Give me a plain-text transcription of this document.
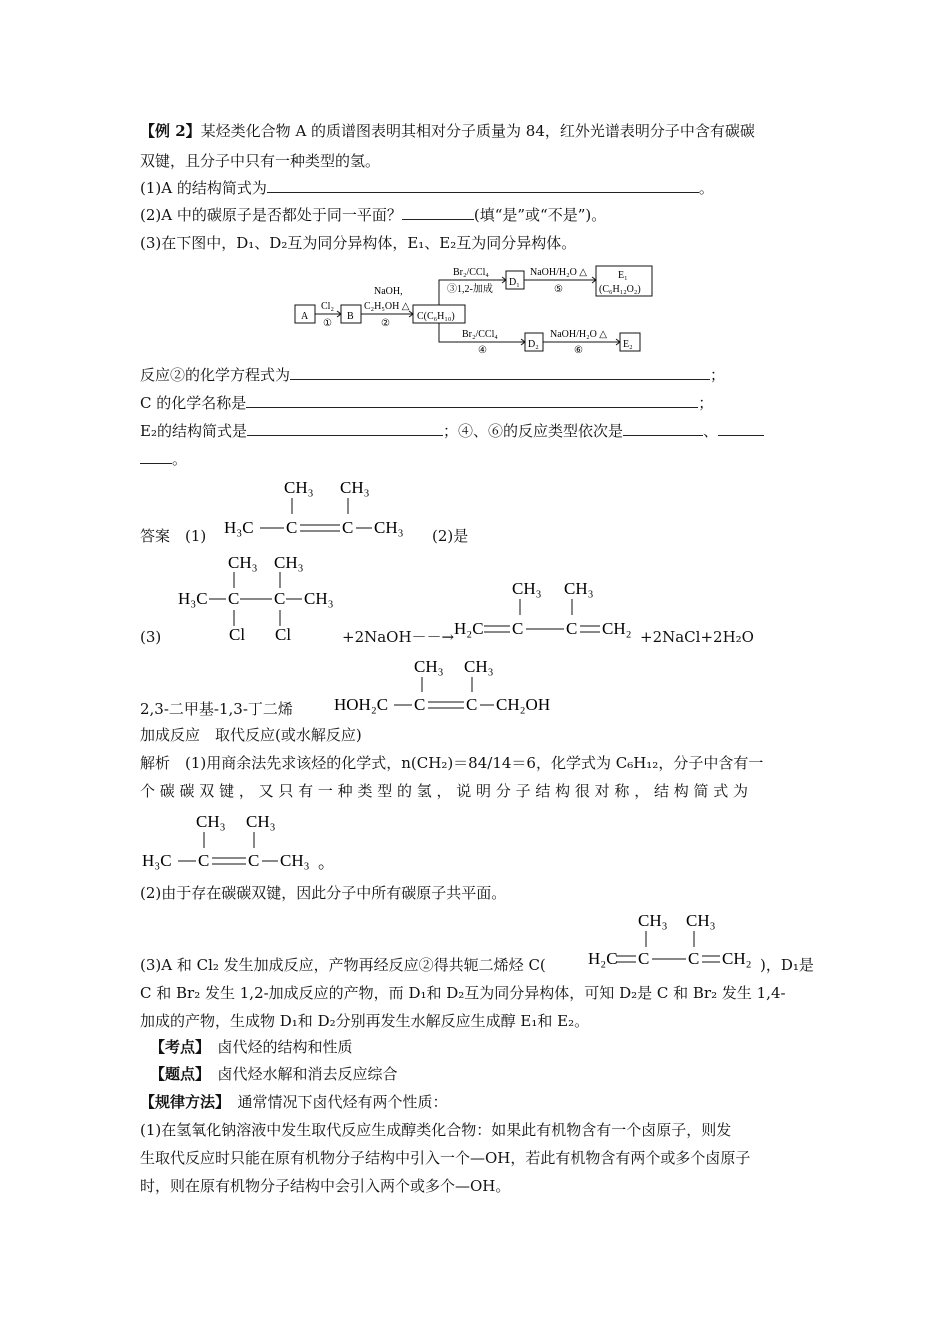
【例 2】某烃类化合物 A 的质谱图表明其相对分子质量为 84，红外光谱表明分子中含有碳碳
双键，且分子中只有一种类型的氢。
(1)A 的结构简式为	。
(2)A 中的碳原子是否都处于同一平面？	(填“是”或“不是”)。
(3)在下图中，D₁、D₂互为同分异构体，E₁、E₂互为同分异构体。
A
Cl₂
①
B
NaOH,
C₂H₅OH △
②
C(C₆H₁₀)
Br₂/CCl₄
③1,2-加成
D₁
NaOH/H₂O △
⑤
E₁
(C₆H₁₂O₂)
Br₂/CCl₄
④
D₂
NaOH/H₂O △
⑥
E₂
反应②的化学方程式为	；
C 的化学名称是	；
E₂的结构简式是	；④、⑥的反应类型依次是	、
。
答案　(1)
CH₃ CH₃
H₃C C	C CH₃ (2)是
(3)
CH₃ CH₃
H₃C C C CH₃
Cl Cl	+2NaOH－－→
CH₃ CH₃
H₂C C	C CH₂ +2NaCl+2H₂O
2,3-二甲基-1,3-丁二烯
CH₃ CH₃
HOH₂C C C CH₂OH
加成反应　取代反应(或水解反应)
解析　(1)用商余法先求该烃的化学式，n(CH₂)＝84/14＝6，化学式为 C₆H₁₂，分子中含有一
个 碳 碳 双 键 ， 又 只 有 一 种 类 型 的 氢 ， 说 明 分 子 结 构 很 对 称 ， 结 构 简 式 为
CH₃ CH₃
H₃C C C CH₃ 。
(2)由于存在碳碳双键，因此分子中所有碳原子共平面。
(3)A 和 Cl₂ 发生加成反应，产物再经反应②得共轭二烯烃 C(
CH₃ CH₃
H₂C C C CH₂ )，D₁是
C 和 Br₂ 发生 1,2-加成反应的产物，而 D₁和 D₂互为同分异构体，可知 D₂是 C 和 Br₂ 发生 1,4-
加成的产物，生成物 D₁和 D₂分别再发生水解反应生成醇 E₁和 E₂。
【考点】　 卤代烃的结构和性质
【题点】　 卤代烃水解和消去反应综合
【规律方法】　 通常情况下卤代烃有两个性质：
(1)在氢氧化钠溶液中发生取代反应生成醇类化合物：如果此有机物含有一个卤原子，则发
生取代反应时只能在原有机物分子结构中引入一个—OH，若此有机物含有两个或多个卤原子
时，则在原有机物分子结构中会引入两个或多个—OH。
